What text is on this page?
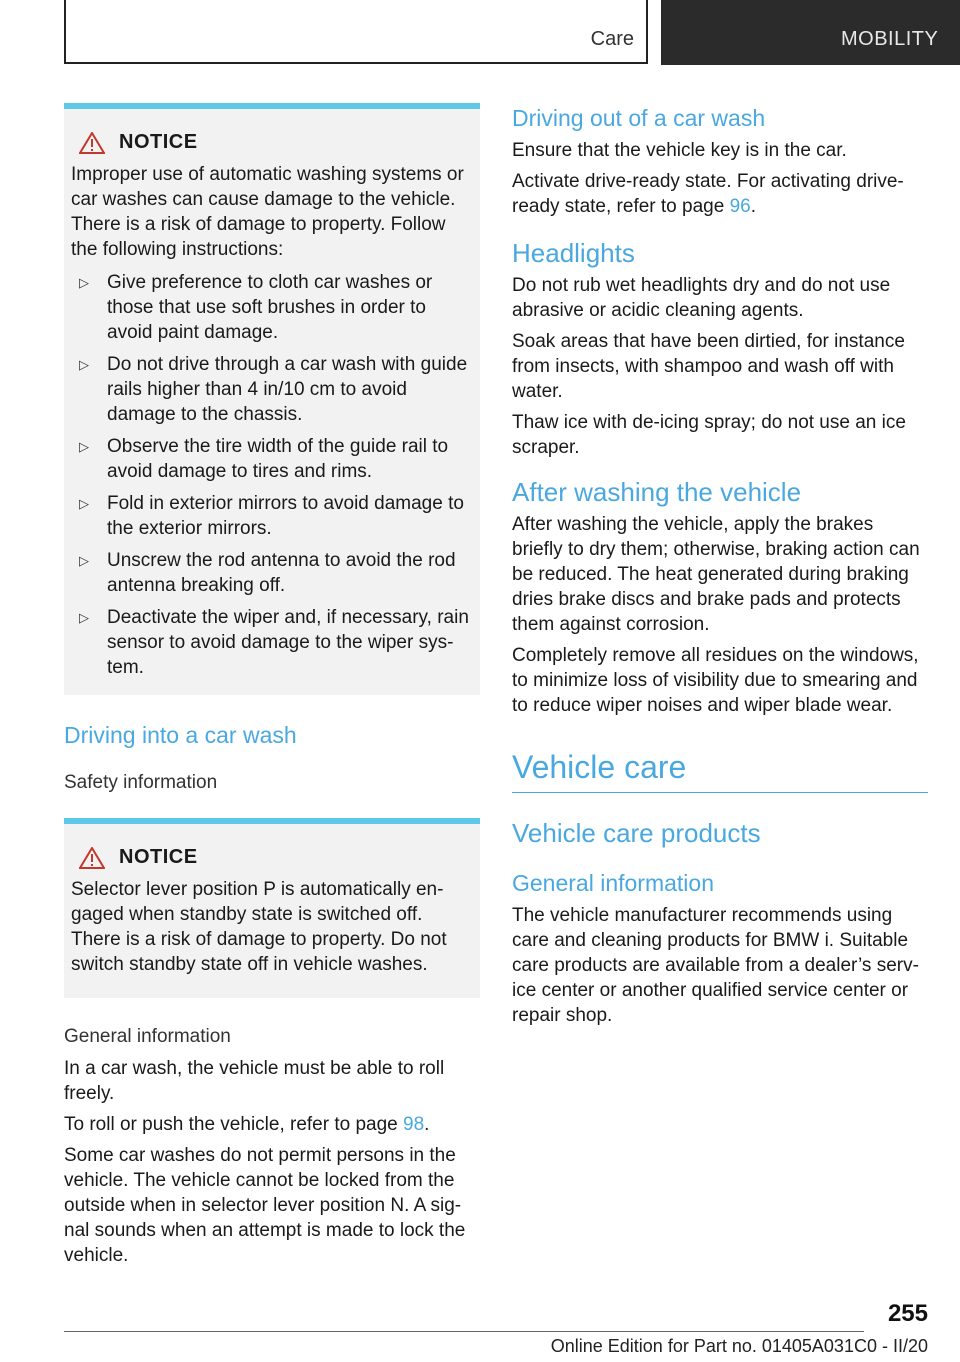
Care	MOBILITY
NOTICE

Improper use of automatic washing systems or car washes can cause damage to the vehicle. There is a risk of damage to property. Follow the following instructions:

▷ Give preference to cloth car washes or those that use soft brushes in order to avoid paint damage.
▷ Do not drive through a car wash with guide rails higher than 4 in/10 cm to avoid damage to the chassis.
▷ Observe the tire width of the guide rail to avoid damage to tires and rims.
▷ Fold in exterior mirrors to avoid damage to the exterior mirrors.
▷ Unscrew the rod antenna to avoid the rod antenna breaking off.
▷ Deactivate the wiper and, if necessary, rain sensor to avoid damage to the wiper sys‐tem.
Driving into a car wash
Safety information
NOTICE

Selector lever position P is automatically en‐gaged when standby state is switched off. There is a risk of damage to property. Do not switch standby state off in vehicle washes.

General information

In a car wash, the vehicle must be able to roll freely.

To roll or push the vehicle, refer to page 98.

Some car washes do not permit persons in the vehicle. The vehicle cannot be locked from the outside when in selector lever position N. A sig‐nal sounds when an attempt is made to lock the vehicle.

Driving out of a car wash

Ensure that the vehicle key is in the car.

Activate drive-ready state. For activating drive-ready state, refer to page 96.

Headlights

Do not rub wet headlights dry and do not use abrasive or acidic cleaning agents.

Soak areas that have been dirtied, for instance from insects, with shampoo and wash off with water.

Thaw ice with de-icing spray; do not use an ice scraper.

After washing the vehicle

After washing the vehicle, apply the brakes briefly to dry them; otherwise, braking action can be reduced. The heat generated during braking dries brake discs and brake pads and protects them against corrosion.

Completely remove all residues on the windows, to minimize loss of visibility due to smearing and to reduce wiper noises and wiper blade wear.

Vehicle care
Vehicle care products
General information

The vehicle manufacturer recommends using care and cleaning products for BMW i. Suitable care products are available from a dealer’s serv‐ice center or another qualified service center or repair shop.

255
Online Edition for Part no. 01405A031C0 - II/20
